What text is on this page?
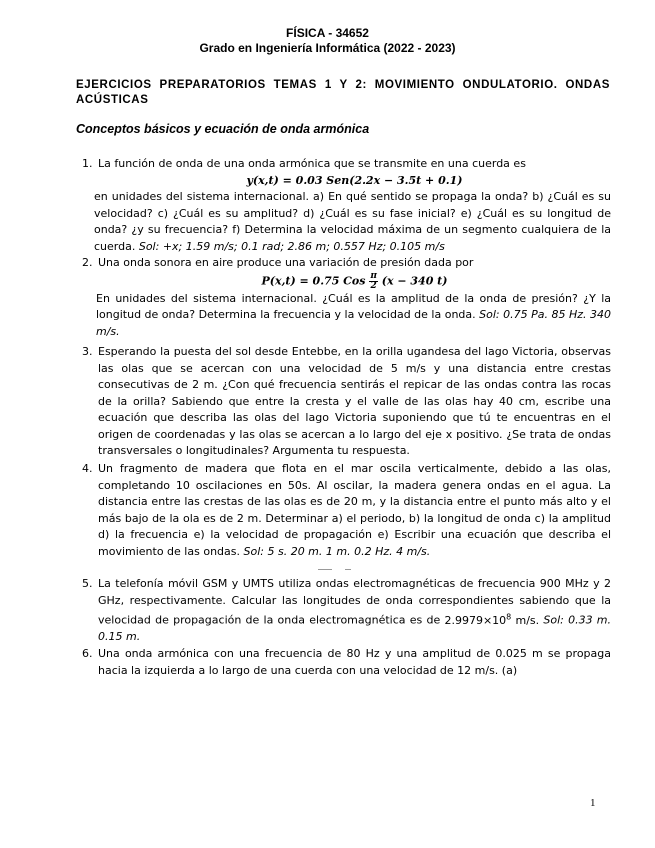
FÍSICA - 34652
Grado en Ingeniería Informática (2022 - 2023)
EJERCICIOS PREPARATORIOS TEMAS 1 Y 2: MOVIMIENTO ONDULATORIO. ONDAS ACÚSTICAS
Conceptos básicos y ecuación de onda armónica
1. La función de onda de una onda armónica que se transmite en una cuerda es
y(x,t) = 0.03 Sen(2.2x − 3.5t + 0.1)
en unidades del sistema internacional. a) En qué sentido se propaga la onda? b) ¿Cuál es su velocidad? c) ¿Cuál es su amplitud? d) ¿Cuál es su fase inicial? e) ¿Cuál es su longitud de onda? ¿y su frecuencia? f) Determina la velocidad máxima de un segmento cualquiera de la cuerda. Sol: +x; 1.59 m/s; 0.1 rad; 2.86 m; 0.557 Hz; 0.105 m/s
2. Una onda sonora en aire produce una variación de presión dada por
P(x,t) = 0.75 Cos $\frac{\pi}{2} (x - 340$ t)
En unidades del sistema internacional. ¿Cuál es la amplitud de la onda de presión? ¿Y la longitud de onda? Determina la frecuencia y la velocidad de la onda. Sol: 0.75 Pa. 85 Hz. 340 m/s.
3. Esperando la puesta del sol desde Entebbe, en la orilla ugandesa del lago Victoria, observas las olas que se acercan con una velocidad de 5 m/s y una distancia entre crestas consecutivas de 2 m. ¿Con qué frecuencia sentirás el repicar de las ondas contra las rocas de la orilla? Sabiendo que entre la cresta y el valle de las olas hay 40 cm, escribe una ecuación que describa las olas del lago Victoria suponiendo que tú te encuentras en el origen de coordenadas y las olas se acercan a lo largo del eje x positivo. ¿Se trata de ondas transversales o longitudinales? Argumenta tu respuesta.
4. Un fragmento de madera que flota en el mar oscila verticalmente, debido a las olas, completando 10 oscilaciones en 50s. Al oscilar, la madera genera ondas en el agua. La distancia entre las crestas de las olas es de 20 m, y la distancia entre el punto más alto y el más bajo de la ola es de 2 m. Determinar a) el periodo, b) la longitud de onda c) la amplitud d) la frecuencia e) la velocidad de propagación e) Escribir una ecuación que describa el movimiento de las ondas. Sol: 5 s. 20 m. 1 m. 0.2 Hz. 4 m/s.
5. La telefonía móvil GSM y UMTS utiliza ondas electromagnéticas de frecuencia 900 MHz y 2 GHz, respectivamente. Calcular las longitudes de onda correspondientes sabiendo que la velocidad de propagación de la onda electromagnética es de $2.9979\times 10^8$ m/s. Sol: 0.33 m. 0.15 m.
6. Una onda armónica con una frecuencia de 80 Hz y una amplitud de 0.025 m se propaga hacia la izquierda a lo largo de una cuerda con una velocidad de 12 m/s. (a)
1
